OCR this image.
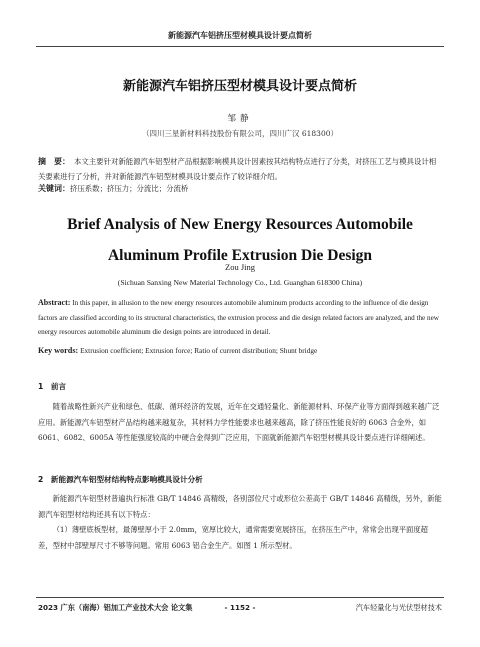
新能源汽车铝挤压型材模具设计要点简析
新能源汽车铝挤压型材模具设计要点简析
邹静
（四川三星新材料科技股份有限公司，四川广汉 618300）
摘　要： 本文主要针对新能源汽车铝型材产品根据影响模具设计因素按其结构特点进行了分类，对挤压工艺与模具设计相关要素进行了分析，并对新能源汽车铝型材模具设计要点作了较详细介绍。
关键词：挤压系数；挤压力；分流比；分流桥
Brief Analysis of New Energy Resources Automobile Aluminum Profile Extrusion Die Design
Zou Jing
(Sichuan Sanxing New Material Technology Co., Ltd. Guanghan 618300 China)
Abstract: In this paper, in allusion to the new energy resources automobile aluminum products according to the influence of die design factors are classified according to its structural characteristics, the extrusion process and die design related factors are analyzed, and the new energy resources automobile aluminum die design points are introduced in detail.
Key words: Extrusion coefficient; Extrusion force; Ratio of current distribution; Shunt bridge
1　前言
随着战略性新兴产业和绿色、低碳、循环经济的发展，近年在交通轻量化、新能源材料、环保产业等方面得到越来越广泛应用。新能源汽车铝型材产品结构越来越复杂，其材料力学性能要求也越来越高，除了挤压性能良好的 6063 合金外，如 6061、6082、6005A 等性能强度较高的中硬合金得到广泛应用，下面就新能源汽车铝型材模具设计要点进行详细阐述。
2　新能源汽车铝型材结构特点影响模具设计分析
新能源汽车铝型材普遍执行标准 GB/T 14846 高精级，各别部位尺寸或形位公差高于 GB/T 14846 高精级，另外，新能源汽车铝型材结构还具有以下特点：
（1）薄壁底板型材，最薄壁厚小于 2.0mm，宽厚比较大，通常需要宽展挤压，在挤压生产中，常常会出现平面度超差，型材中部壁厚尺寸不够等问题。常用 6063 铝合金生产。如图 1 所示型材。
2023 广东（南海）铝加工产业技术大会 论文集	- 1152 -	汽车轻量化与光伏型材技术
